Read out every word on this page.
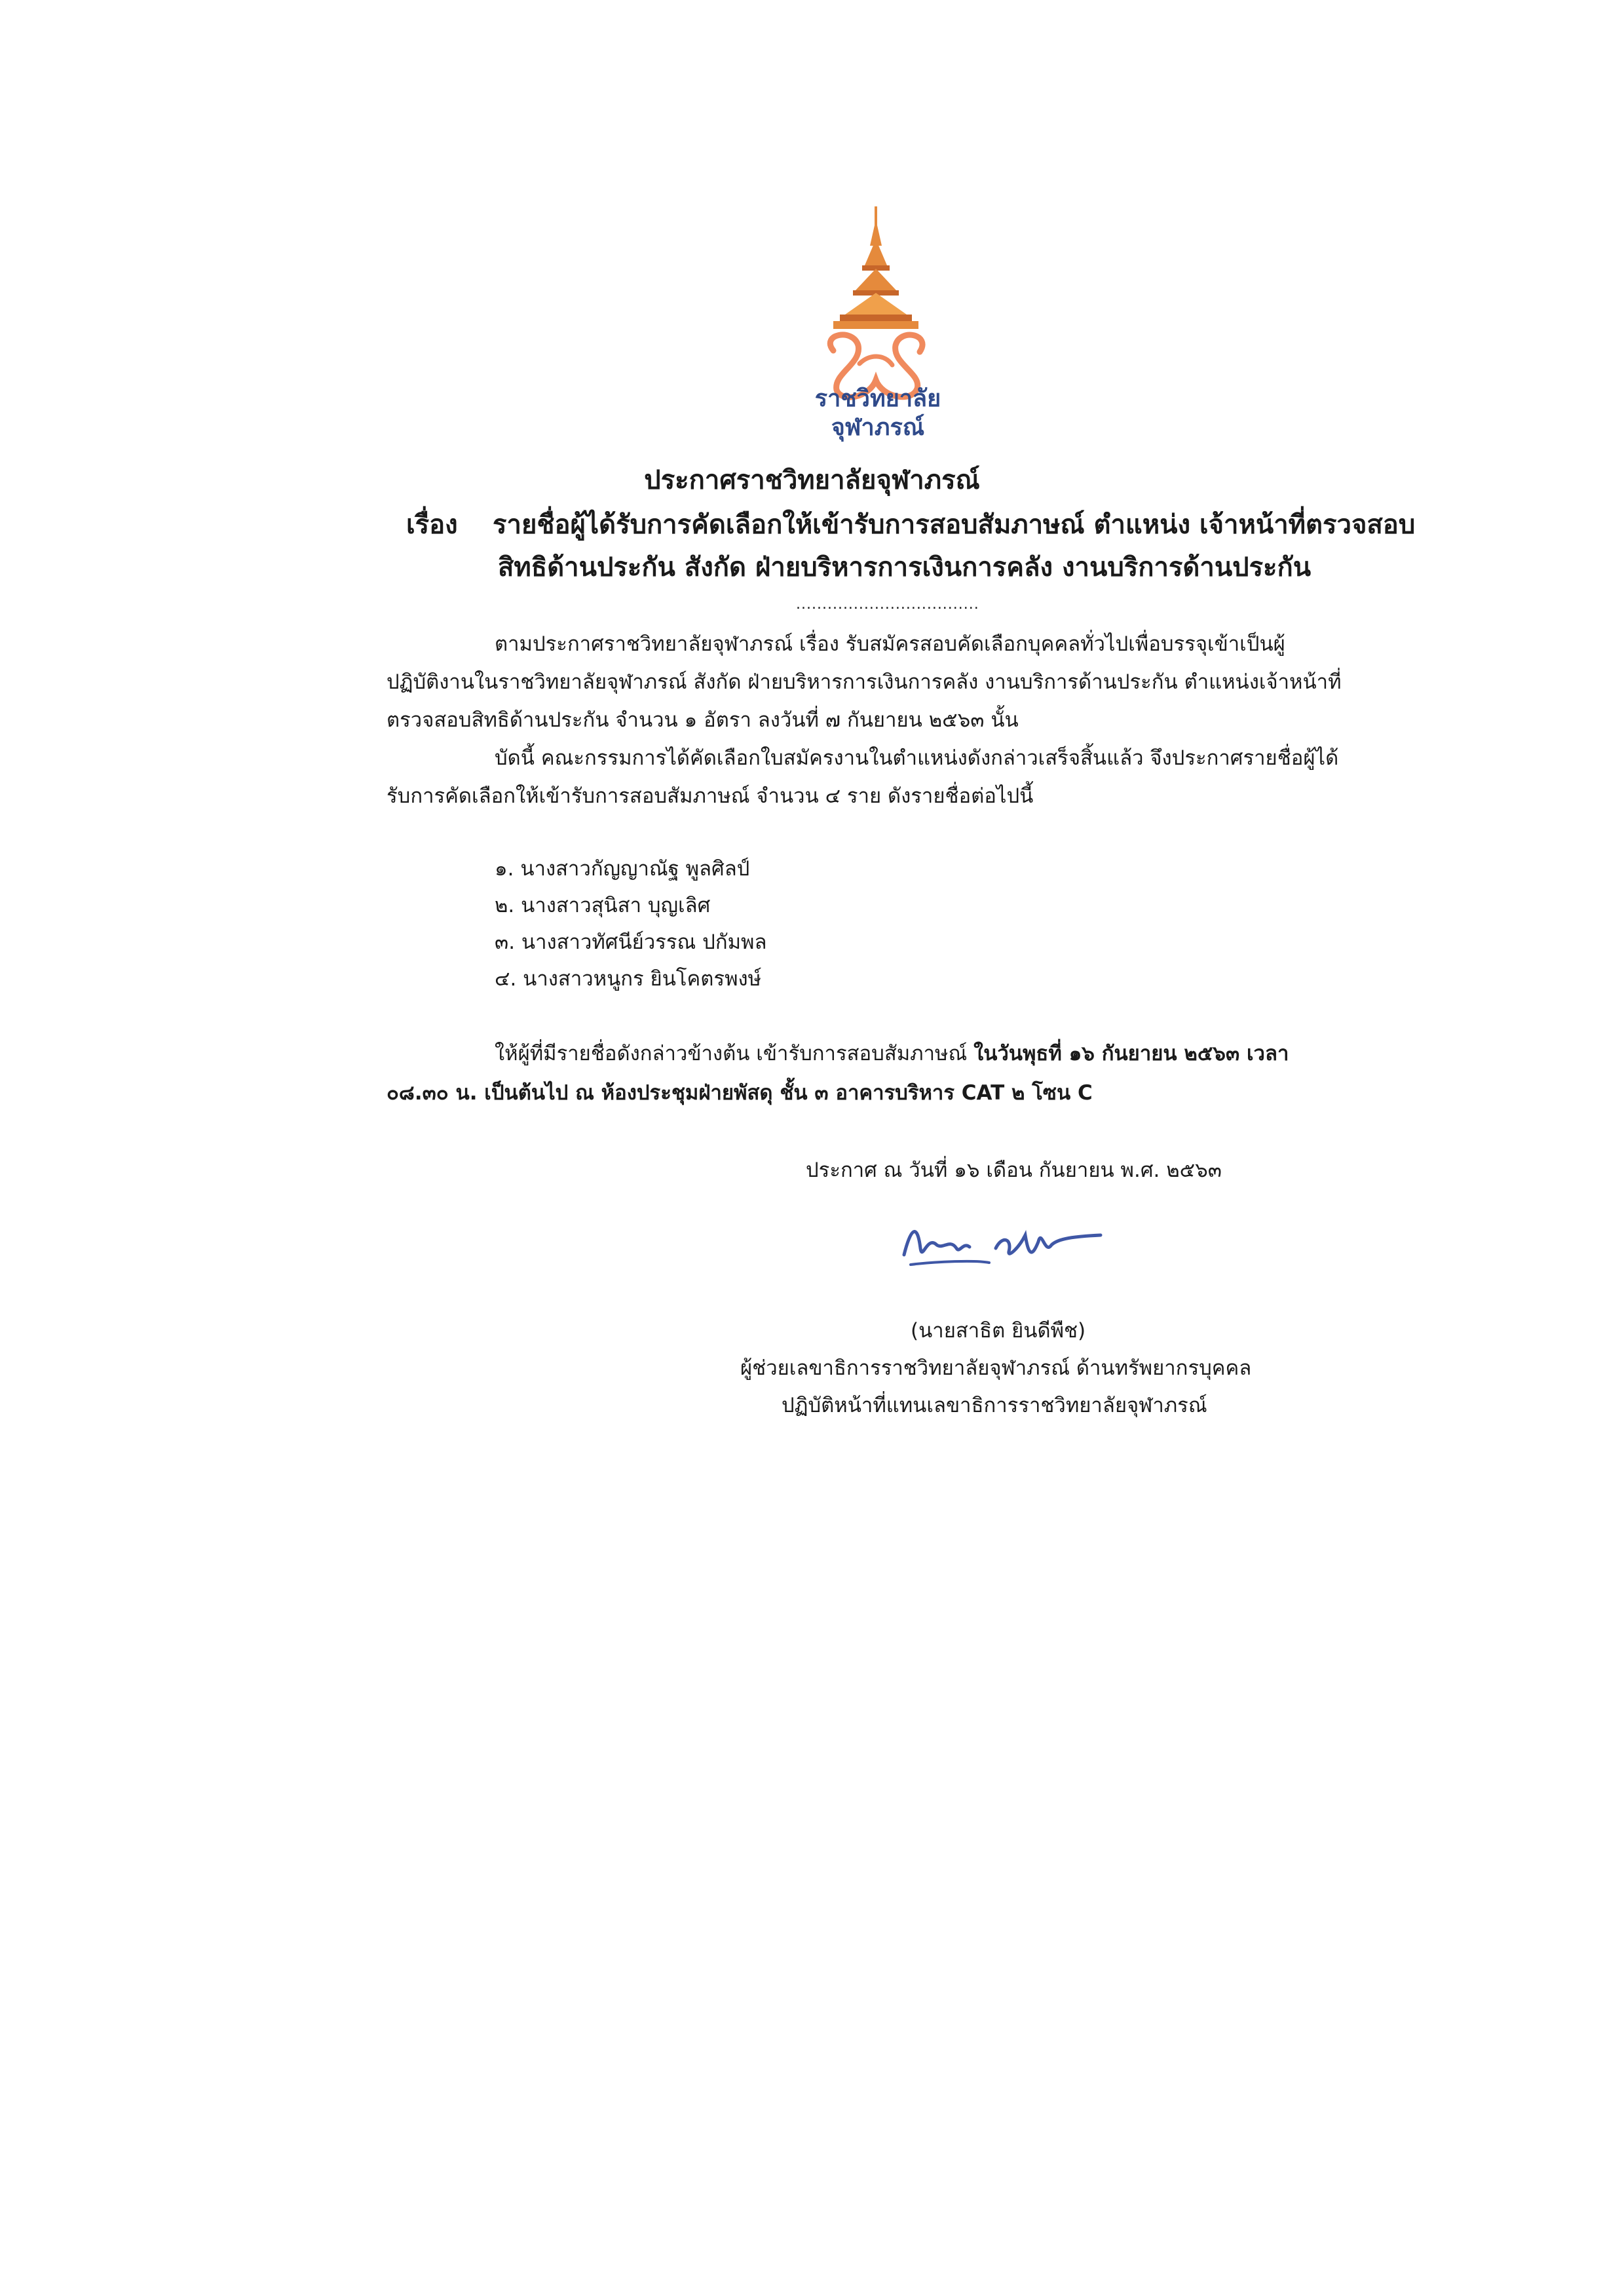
ราชวิทยาลัย
จุฬาภรณ์
ประกาศราชวิทยาลัยจุฬาภรณ์
เรื่อง รายชื่อผู้ได้รับการคัดเลือกให้เข้ารับการสอบสัมภาษณ์ ตำแหน่ง เจ้าหน้าที่ตรวจสอบ
สิทธิด้านประกัน สังกัด ฝ่ายบริหารการเงินการคลัง งานบริการด้านประกัน
...................................
ตามประกาศราชวิทยาลัยจุฬาภรณ์ เรื่อง รับสมัครสอบคัดเลือกบุคคลทั่วไปเพื่อบรรจุเข้าเป็นผู้
ปฏิบัติงานในราชวิทยาลัยจุฬาภรณ์ สังกัด ฝ่ายบริหารการเงินการคลัง งานบริการด้านประกัน ตำแหน่งเจ้าหน้าที่
ตรวจสอบสิทธิด้านประกัน จำนวน ๑ อัตรา ลงวันที่ ๗ กันยายน ๒๕๖๓ นั้น
บัดนี้ คณะกรรมการได้คัดเลือกใบสมัครงานในตำแหน่งดังกล่าวเสร็จสิ้นแล้ว จึงประกาศรายชื่อผู้ได้
รับการคัดเลือกให้เข้ารับการสอบสัมภาษณ์ จำนวน ๔ ราย ดังรายชื่อต่อไปนี้
๑. นางสาวกัญญาณัฐ พูลศิลป์
๒. นางสาวสุนิสา บุญเลิศ
๓. นางสาวทัศนีย์วรรณ ปกัมพล
๔. นางสาวหนูกร ยินโคตรพงษ์
ให้ผู้ที่มีรายชื่อดังกล่าวข้างต้น เข้ารับการสอบสัมภาษณ์ ในวันพุธที่ ๑๖ กันยายน ๒๕๖๓ เวลา
๐๘.๓๐ น. เป็นต้นไป ณ ห้องประชุมฝ่ายพัสดุ ชั้น ๓ อาคารบริหาร CAT ๒ โซน C
ประกาศ ณ วันที่ ๑๖ เดือน กันยายน พ.ศ. ๒๕๖๓
(นายสาธิต ยินดีพืช)
ผู้ช่วยเลขาธิการราชวิทยาลัยจุฬาภรณ์ ด้านทรัพยากรบุคคล
ปฏิบัติหน้าที่แทนเลขาธิการราชวิทยาลัยจุฬาภรณ์
